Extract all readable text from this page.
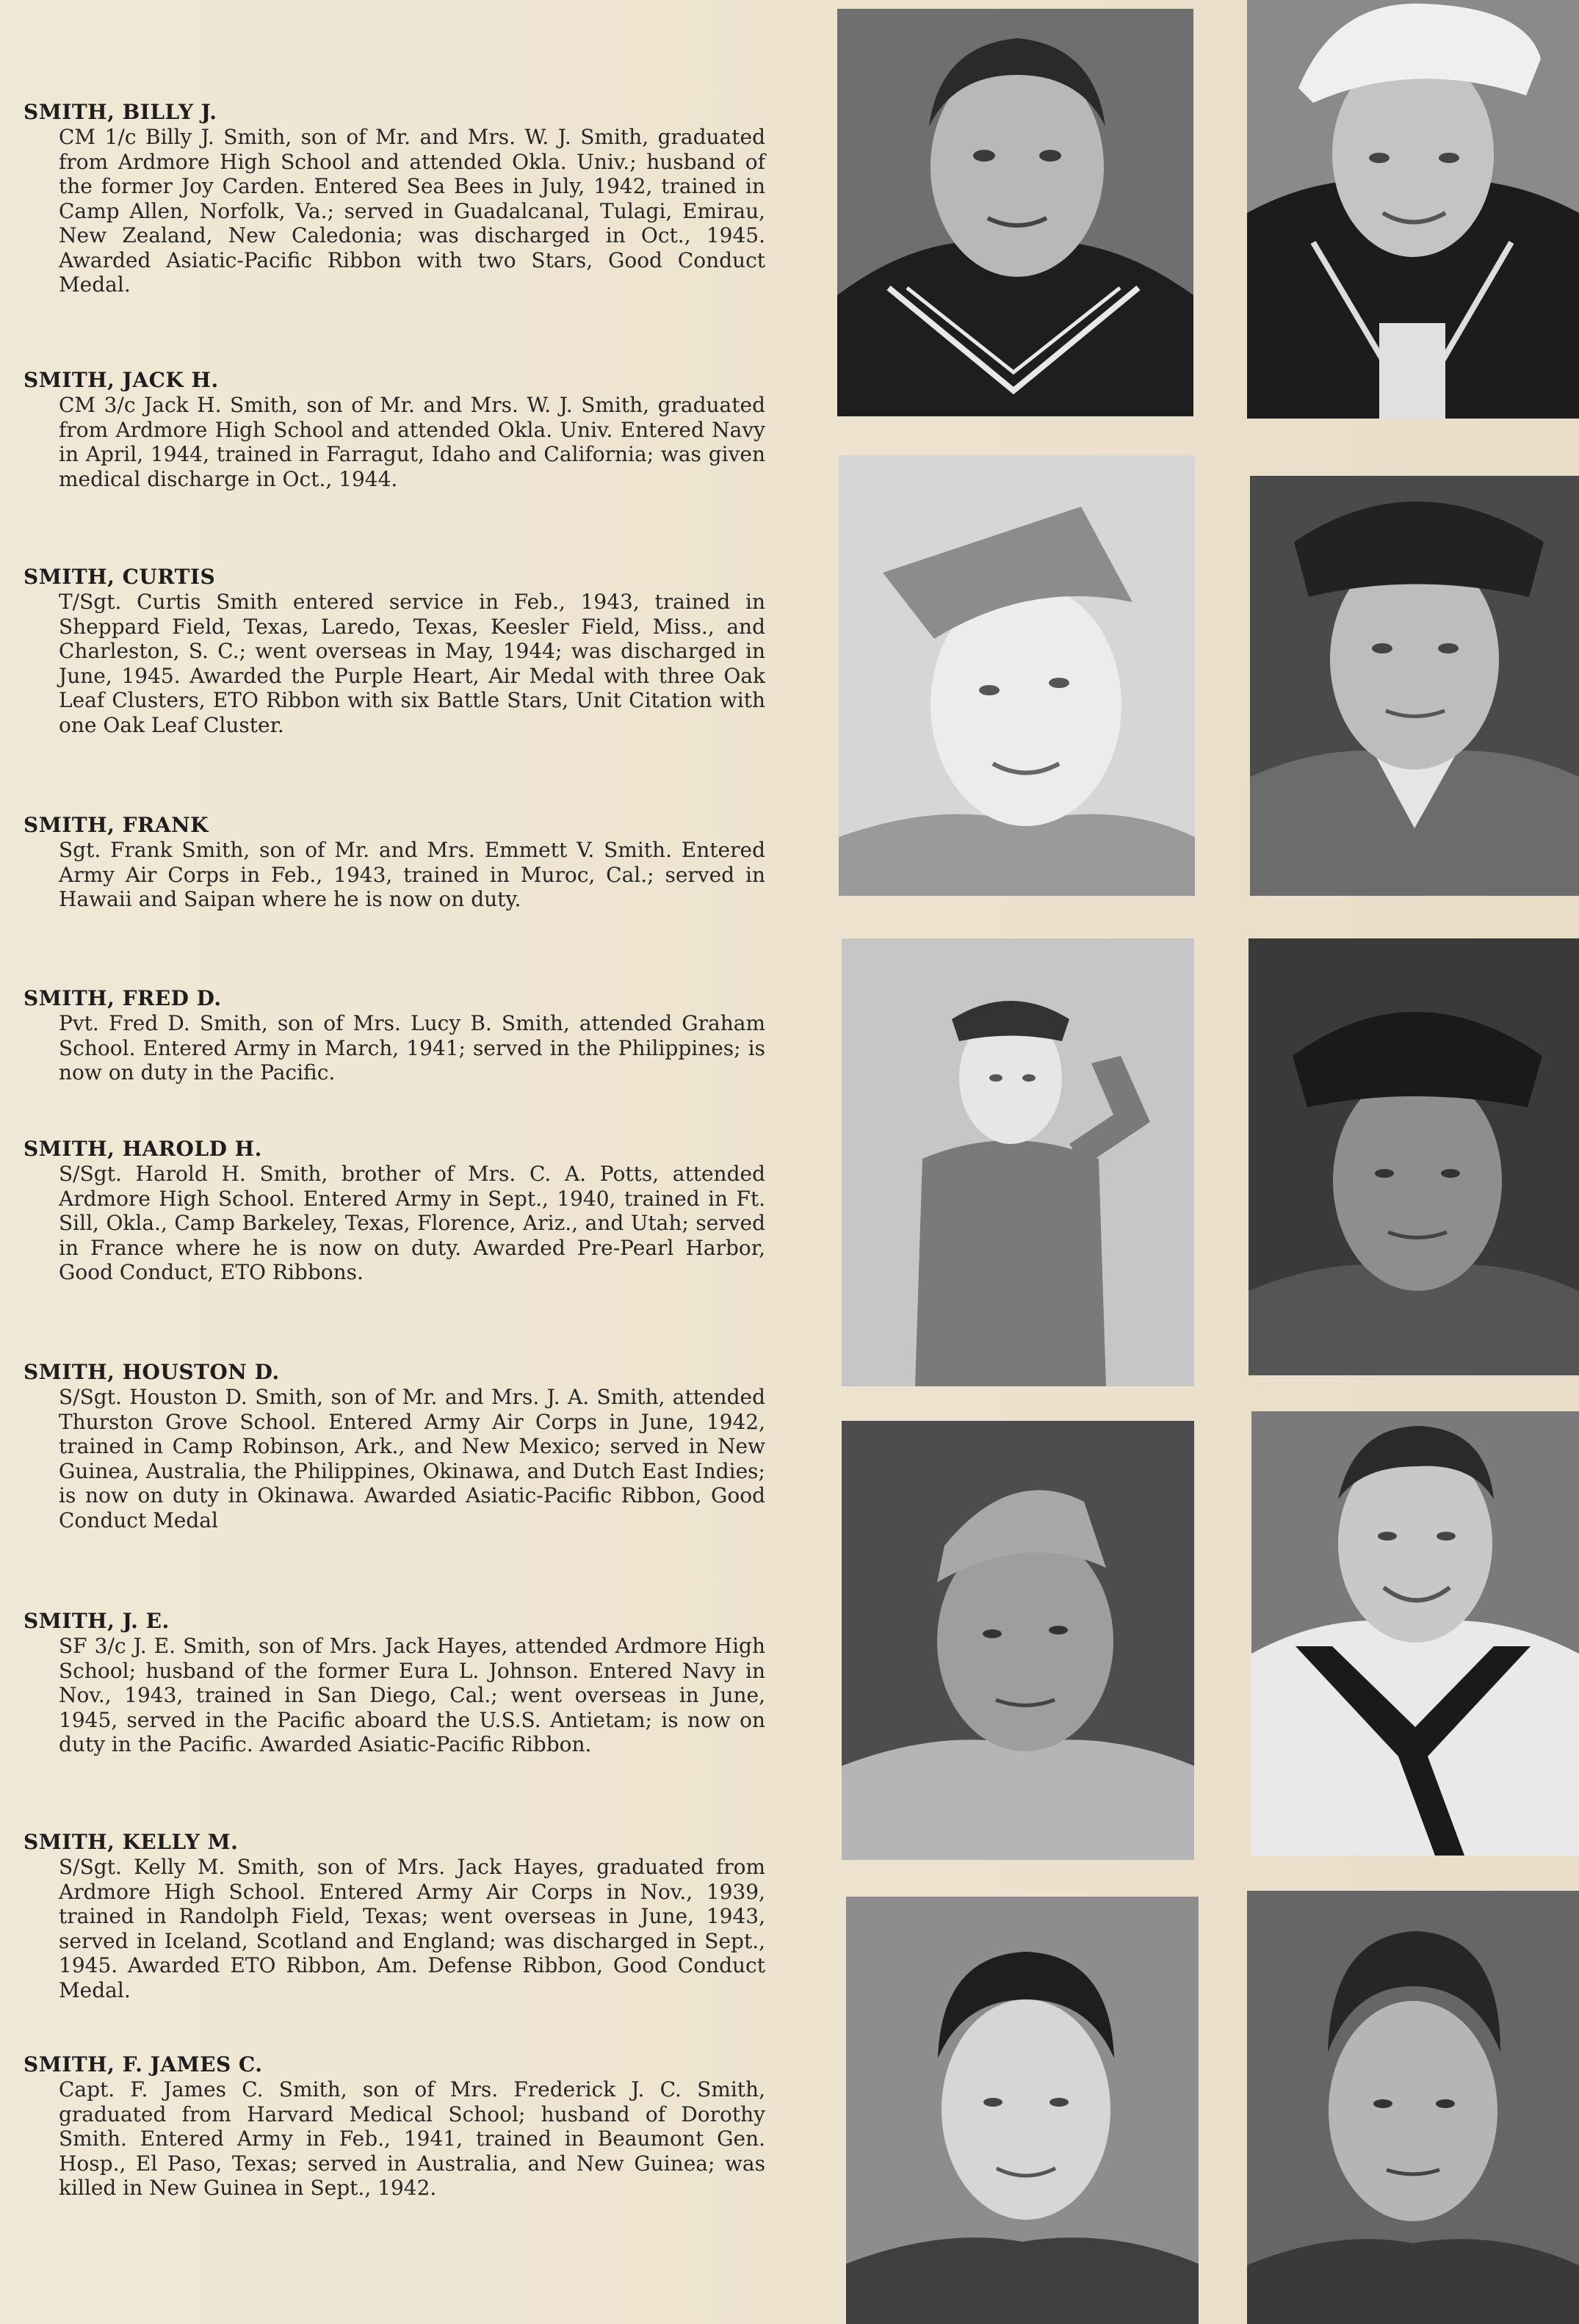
SMITH, BILLY J.

CM 1/c Billy J. Smith, son of Mr. and Mrs. W. J. Smith, graduated from Ardmore High School and attended Okla. Univ.; husband of the former Joy Carden. Entered Sea Bees in July, 1942, trained in Camp Allen, Norfolk, Va.; served in Guadalcanal, Tulagi, Emirau, New Zealand, New Caledonia; was discharged in Oct., 1945. Awarded Asiatic-Pacific Ribbon with two Stars, Good Conduct Medal.

SMITH, JACK H.

CM 3/c Jack H. Smith, son of Mr. and Mrs. W. J. Smith, graduated from Ardmore High School and attended Okla. Univ. Entered Navy in April, 1944, trained in Farragut, Idaho and California; was given medical discharge in Oct., 1944.

SMITH, CURTIS

T/Sgt. Curtis Smith entered service in Feb., 1943, trained in Sheppard Field, Texas, Laredo, Texas, Keesler Field, Miss., and Charleston, S. C.; went overseas in May, 1944; was discharged in June, 1945. Awarded the Purple Heart, Air Medal with three Oak Leaf Clusters, ETO Ribbon with six Battle Stars, Unit Citation with one Oak Leaf Cluster.

SMITH, FRANK

Sgt. Frank Smith, son of Mr. and Mrs. Emmett V. Smith. Entered Army Air Corps in Feb., 1943, trained in Muroc, Cal.; served in Hawaii and Saipan where he is now on duty.

SMITH, FRED D.

Pvt. Fred D. Smith, son of Mrs. Lucy B. Smith, attended Graham School. Entered Army in March, 1941; served in the Philippines; is now on duty in the Pacific.

SMITH, HAROLD H.

S/Sgt. Harold H. Smith, brother of Mrs. C. A. Potts, attended Ardmore High School. Entered Army in Sept., 1940, trained in Ft. Sill, Okla., Camp Barkeley, Texas, Florence, Ariz., and Utah; served in France where he is now on duty. Awarded Pre-Pearl Harbor, Good Conduct, ETO Ribbons.

SMITH, HOUSTON D.

S/Sgt. Houston D. Smith, son of Mr. and Mrs. J. A. Smith, attended Thurston Grove School. Entered Army Air Corps in June, 1942, trained in Camp Robinson, Ark., and New Mexico; served in New Guinea, Australia, the Philippines, Okinawa, and Dutch East Indies; is now on duty in Okinawa. Awarded Asiatic-Pacific Ribbon, Good Conduct Medal

SMITH, J. E.

SF 3/c J. E. Smith, son of Mrs. Jack Hayes, attended Ardmore High School; husband of the former Eura L. Johnson. Entered Navy in Nov., 1943, trained in San Diego, Cal.; went overseas in June, 1945, served in the Pacific aboard the U.S.S. Antietam; is now on duty in the Pacific. Awarded Asiatic-Pacific Ribbon.

SMITH, KELLY M.

S/Sgt. Kelly M. Smith, son of Mrs. Jack Hayes, graduated from Ardmore High School. Entered Army Air Corps in Nov., 1939, trained in Randolph Field, Texas; went overseas in June, 1943, served in Iceland, Scotland and England; was discharged in Sept., 1945. Awarded ETO Ribbon, Am. Defense Ribbon, Good Conduct Medal.

SMITH, F. JAMES C.

Capt. F. James C. Smith, son of Mrs. Frederick J. C. Smith, graduated from Harvard Medical School; husband of Dorothy Smith. Entered Army in Feb., 1941, trained in Beaumont Gen. Hosp., El Paso, Texas; served in Australia, and New Guinea; was killed in New Guinea in Sept., 1942.
